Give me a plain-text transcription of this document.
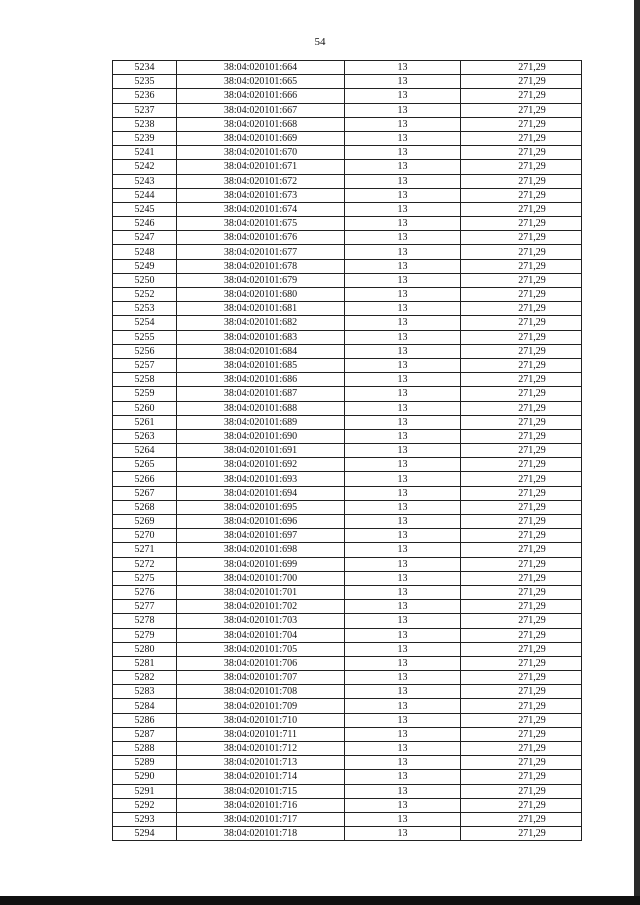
54
5234	38:04:020101:664	13	271,29
5235	38:04:020101:665	13	271,29
5236	38:04:020101:666	13	271,29
5237	38:04:020101:667	13	271,29
5238	38:04:020101:668	13	271,29
5239	38:04:020101:669	13	271,29
5241	38:04:020101:670	13	271,29
5242	38:04:020101:671	13	271,29
5243	38:04:020101:672	13	271,29
5244	38:04:020101:673	13	271,29
5245	38:04:020101:674	13	271,29
5246	38:04:020101:675	13	271,29
5247	38:04:020101:676	13	271,29
5248	38:04:020101:677	13	271,29
5249	38:04:020101:678	13	271,29
5250	38:04:020101:679	13	271,29
5252	38:04:020101:680	13	271,29
5253	38:04:020101:681	13	271,29
5254	38:04:020101:682	13	271,29
5255	38:04:020101:683	13	271,29
5256	38:04:020101:684	13	271,29
5257	38:04:020101:685	13	271,29
5258	38:04:020101:686	13	271,29
5259	38:04:020101:687	13	271,29
5260	38:04:020101:688	13	271,29
5261	38:04:020101:689	13	271,29
5263	38:04:020101:690	13	271,29
5264	38:04:020101:691	13	271,29
5265	38:04:020101:692	13	271,29
5266	38:04:020101:693	13	271,29
5267	38:04:020101:694	13	271,29
5268	38:04:020101:695	13	271,29
5269	38:04:020101:696	13	271,29
5270	38:04:020101:697	13	271,29
5271	38:04:020101:698	13	271,29
5272	38:04:020101:699	13	271,29
5275	38:04:020101:700	13	271,29
5276	38:04:020101:701	13	271,29
5277	38:04:020101:702	13	271,29
5278	38:04:020101:703	13	271,29
5279	38:04:020101:704	13	271,29
5280	38:04:020101:705	13	271,29
5281	38:04:020101:706	13	271,29
5282	38:04:020101:707	13	271,29
5283	38:04:020101:708	13	271,29
5284	38:04:020101:709	13	271,29
5286	38:04:020101:710	13	271,29
5287	38:04:020101:711	13	271,29
5288	38:04:020101:712	13	271,29
5289	38:04:020101:713	13	271,29
5290	38:04:020101:714	13	271,29
5291	38:04:020101:715	13	271,29
5292	38:04:020101:716	13	271,29
5293	38:04:020101:717	13	271,29
5294	38:04:020101:718	13	271,29
